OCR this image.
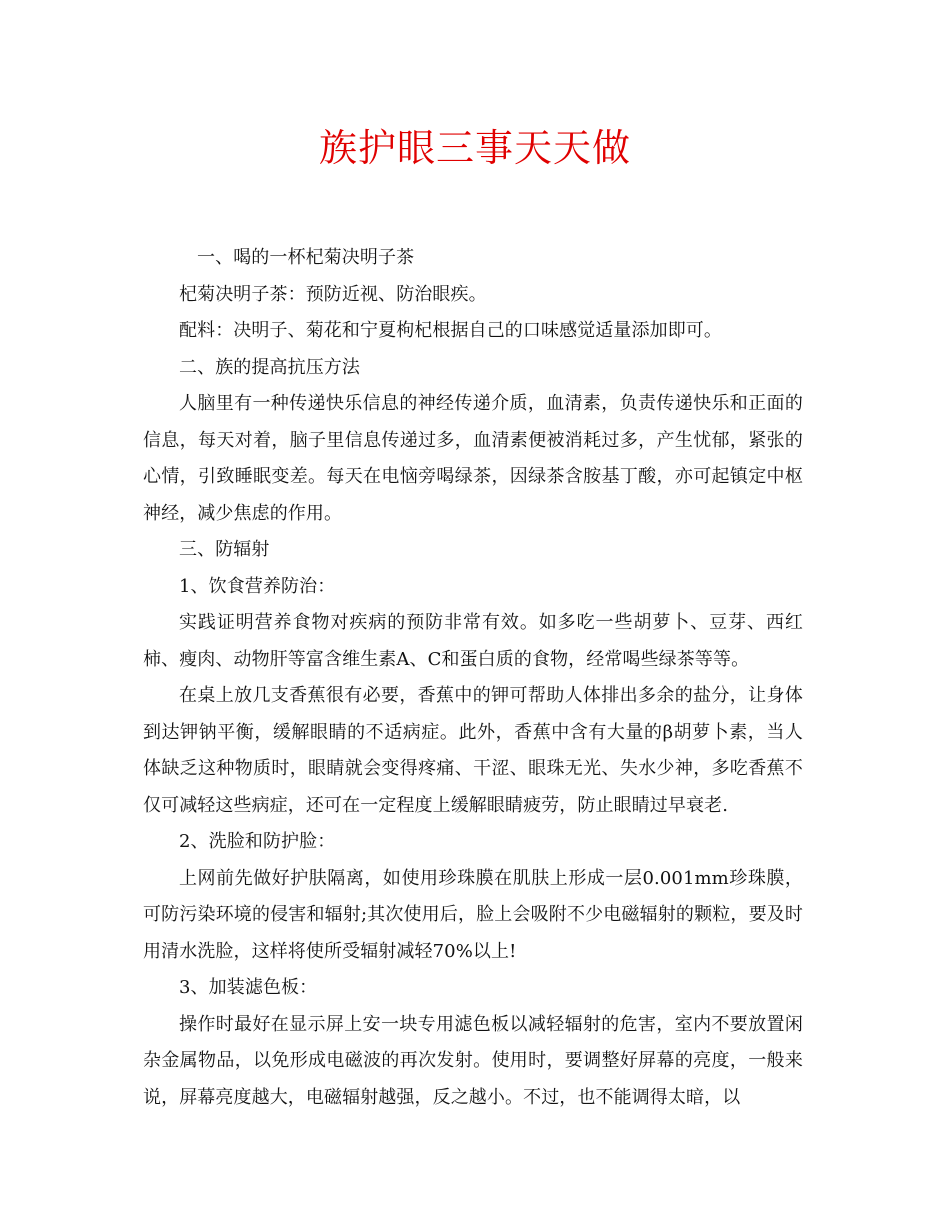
族护眼三事天天做

一、喝的一杯杞菊决明子茶

杞菊决明子茶：预防近视、防治眼疾。

配料：决明子、菊花和宁夏枸杞根据自己的口味感觉适量添加即可。

二、族的提高抗压方法

人脑里有一种传递快乐信息的神经传递介质，血清素，负责传递快乐和正面的信息，每天对着，脑子里信息传递过多，血清素便被消耗过多，产生忧郁，紧张的心情，引致睡眠变差。每天在电恼旁喝绿茶，因绿茶含胺基丁酸，亦可起镇定中枢神经，减少焦虑的作用。

三、防辐射

1、饮食营养防治：

实践证明营养食物对疾病的预防非常有效。如多吃一些胡萝卜、豆芽、西红柿、瘦肉、动物肝等富含维生素A、C和蛋白质的食物，经常喝些绿茶等等。

在桌上放几支香蕉很有必要，香蕉中的钾可帮助人体排出多余的盐分，让身体到达钾钠平衡，缓解眼睛的不适病症。此外，香蕉中含有大量的β胡萝卜素，当人体缺乏这种物质时，眼睛就会变得疼痛、干涩、眼珠无光、失水少神，多吃香蕉不仅可减轻这些病症，还可在一定程度上缓解眼睛疲劳，防止眼睛过早衰老.

2、洗脸和防护脸：

上网前先做好护肤隔离，如使用珍珠膜在肌肤上形成一层0.001mm珍珠膜，可防污染环境的侵害和辐射;其次使用后，脸上会吸附不少电磁辐射的颗粒，要及时用清水洗脸，这样将使所受辐射减轻70%以上!

3、加装滤色板：

操作时最好在显示屏上安一块专用滤色板以减轻辐射的危害，室内不要放置闲杂金属物品，以免形成电磁波的再次发射。使用时，要调整好屏幕的亮度，一般来说，屏幕亮度越大，电磁辐射越强，反之越小。不过，也不能调得太暗，以
